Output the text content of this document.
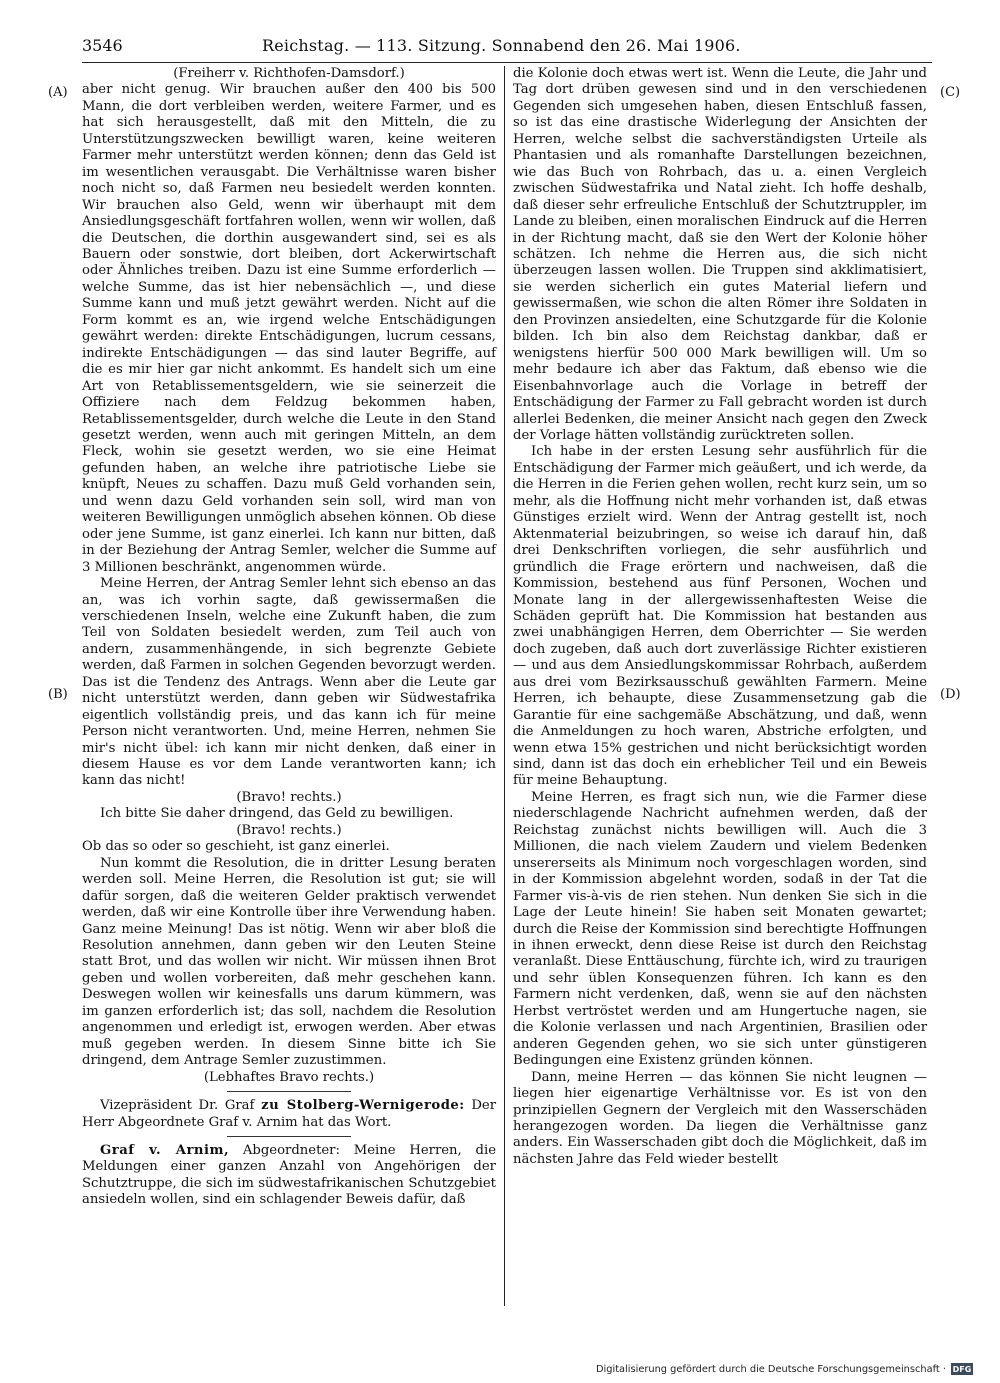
3546	Reichstag. — 113. Sitzung. Sonnabend den 26. Mai 1906.
(A)
(B)
(C)
(D)

(Freiherr v. Richthofen-Damsdorf.)

aber nicht genug. Wir brauchen außer den 400 bis 500 Mann, die dort verbleiben werden, weitere Farmer, und es hat sich herausgestellt, daß mit den Mitteln, die zu Unterstützungszwecken bewilligt waren, keine weiteren Farmer mehr unterstützt werden können; denn das Geld ist im wesentlichen verausgabt. Die Verhältnisse waren bisher noch nicht so, daß Farmen neu besiedelt werden konnten. Wir brauchen also Geld, wenn wir überhaupt mit dem Ansiedlungsgeschäft fortfahren wollen, wenn wir wollen, daß die Deutschen, die dorthin ausgewandert sind, sei es als Bauern oder sonstwie, dort bleiben, dort Ackerwirtschaft oder Ähnliches treiben. Dazu ist eine Summe erforderlich — welche Summe, das ist hier nebensächlich —, und diese Summe kann und muß jetzt gewährt werden. Nicht auf die Form kommt es an, wie irgend welche Entschädigungen gewährt werden: direkte Entschädigungen, lucrum cessans, indirekte Entschädigungen — das sind lauter Begriffe, auf die es mir hier gar nicht ankommt. Es handelt sich um eine Art von Retablissementsgeldern, wie sie seinerzeit die Offiziere nach dem Feldzug bekommen haben, Retablissementsgelder, durch welche die Leute in den Stand gesetzt werden, wenn auch mit geringen Mitteln, an dem Fleck, wohin sie gesetzt werden, wo sie eine Heimat gefunden haben, an welche ihre patriotische Liebe sie knüpft, Neues zu schaffen. Dazu muß Geld vorhanden sein, und wenn dazu Geld vorhanden sein soll, wird man von weiteren Bewilligungen unmöglich absehen können. Ob diese oder jene Summe, ist ganz einerlei. Ich kann nur bitten, daß in der Beziehung der Antrag Semler, welcher die Summe auf 3 Millionen beschränkt, angenommen würde.

Meine Herren, der Antrag Semler lehnt sich ebenso an das an, was ich vorhin sagte, daß gewissermaßen die verschiedenen Inseln, welche eine Zukunft haben, die zum Teil von Soldaten besiedelt werden, zum Teil auch von andern, zusammenhängende, in sich begrenzte Gebiete werden, daß Farmen in solchen Gegenden bevorzugt werden. Das ist die Tendenz des Antrags. Wenn aber die Leute gar nicht unterstützt werden, dann geben wir Südwestafrika eigentlich vollständig preis, und das kann ich für meine Person nicht verantworten. Und, meine Herren, nehmen Sie mir's nicht übel: ich kann mir nicht denken, daß einer in diesem Hause es vor dem Lande verantworten kann; ich kann das nicht!

(Bravo! rechts.)

Ich bitte Sie daher dringend, das Geld zu bewilligen.

(Bravo! rechts.)

Ob das so oder so geschieht, ist ganz einerlei.

Nun kommt die Resolution, die in dritter Lesung beraten werden soll. Meine Herren, die Resolution ist gut; sie will dafür sorgen, daß die weiteren Gelder praktisch verwendet werden, daß wir eine Kontrolle über ihre Verwendung haben. Ganz meine Meinung! Das ist nötig. Wenn wir aber bloß die Resolution annehmen, dann geben wir den Leuten Steine statt Brot, und das wollen wir nicht. Wir müssen ihnen Brot geben und wollen vorbereiten, daß mehr geschehen kann. Deswegen wollen wir keinesfalls uns darum kümmern, was im ganzen erforderlich ist; das soll, nachdem die Resolution angenommen und erledigt ist, erwogen werden. Aber etwas muß gegeben werden. In diesem Sinne bitte ich Sie dringend, dem Antrage Semler zuzustimmen.

(Lebhaftes Bravo rechts.)

Vizepräsident Dr. Graf zu Stolberg-Wernigerode: Der Herr Abgeordnete Graf v. Arnim hat das Wort.

Graf v. Arnim, Abgeordneter: Meine Herren, die Meldungen einer ganzen Anzahl von Angehörigen der Schutztruppe, die sich im südwestafrikanischen Schutzgebiet ansiedeln wollen, sind ein schlagender Beweis dafür, daß

die Kolonie doch etwas wert ist. Wenn die Leute, die Jahr und Tag dort drüben gewesen sind und in den verschiedenen Gegenden sich umgesehen haben, diesen Entschluß fassen, so ist das eine drastische Widerlegung der Ansichten der Herren, welche selbst die sachverständigsten Urteile als Phantasien und als romanhafte Darstellungen bezeichnen, wie das Buch von Rohrbach, das u. a. einen Vergleich zwischen Südwestafrika und Natal zieht. Ich hoffe deshalb, daß dieser sehr erfreuliche Entschluß der Schutztruppler, im Lande zu bleiben, einen moralischen Eindruck auf die Herren in der Richtung macht, daß sie den Wert der Kolonie höher schätzen. Ich nehme die Herren aus, die sich nicht überzeugen lassen wollen. Die Truppen sind akklimatisiert, sie werden sicherlich ein gutes Material liefern und gewissermaßen, wie schon die alten Römer ihre Soldaten in den Provinzen ansiedelten, eine Schutzgarde für die Kolonie bilden. Ich bin also dem Reichstag dankbar, daß er wenigstens hierfür 500 000 Mark bewilligen will. Um so mehr bedaure ich aber das Faktum, daß ebenso wie die Eisenbahnvorlage auch die Vorlage in betreff der Entschädigung der Farmer zu Fall gebracht worden ist durch allerlei Bedenken, die meiner Ansicht nach gegen den Zweck der Vorlage hätten vollständig zurücktreten sollen.

Ich habe in der ersten Lesung sehr ausführlich für die Entschädigung der Farmer mich geäußert, und ich werde, da die Herren in die Ferien gehen wollen, recht kurz sein, um so mehr, als die Hoffnung nicht mehr vorhanden ist, daß etwas Günstiges erzielt wird. Wenn der Antrag gestellt ist, noch Aktenmaterial beizubringen, so weise ich darauf hin, daß drei Denkschriften vorliegen, die sehr ausführlich und gründlich die Frage erörtern und nachweisen, daß die Kommission, bestehend aus fünf Personen, Wochen und Monate lang in der allergewissenhaftesten Weise die Schäden geprüft hat. Die Kommission hat bestanden aus zwei unabhängigen Herren, dem Oberrichter — Sie werden doch zugeben, daß auch dort zuverlässige Richter existieren — und aus dem Ansiedlungskommissar Rohrbach, außerdem aus drei vom Bezirksausschuß gewählten Farmern. Meine Herren, ich behaupte, diese Zusammensetzung gab die Garantie für eine sachgemäße Abschätzung, und daß, wenn die Anmeldungen zu hoch waren, Abstriche erfolgten, und wenn etwa 15% gestrichen und nicht berücksichtigt worden sind, dann ist das doch ein erheblicher Teil und ein Beweis für meine Behauptung.

Meine Herren, es fragt sich nun, wie die Farmer diese niederschlagende Nachricht aufnehmen werden, daß der Reichstag zunächst nichts bewilligen will. Auch die 3 Millionen, die nach vielem Zaudern und vielem Bedenken unsererseits als Minimum noch vorgeschlagen worden, sind in der Kommission abgelehnt worden, sodaß in der Tat die Farmer vis-à-vis de rien stehen. Nun denken Sie sich in die Lage der Leute hinein! Sie haben seit Monaten gewartet; durch die Reise der Kommission sind berechtigte Hoffnungen in ihnen erweckt, denn diese Reise ist durch den Reichstag veranlaßt. Diese Enttäuschung, fürchte ich, wird zu traurigen und sehr üblen Konsequenzen führen. Ich kann es den Farmern nicht verdenken, daß, wenn sie auf den nächsten Herbst vertröstet werden und am Hungertuche nagen, sie die Kolonie verlassen und nach Argentinien, Brasilien oder anderen Gegenden gehen, wo sie sich unter günstigeren Bedingungen eine Existenz gründen können.

Dann, meine Herren — das können Sie nicht leugnen — liegen hier eigenartige Verhältnisse vor. Es ist von den prinzipiellen Gegnern der Vergleich mit den Wasserschäden herangezogen worden. Da liegen die Verhältnisse ganz anders. Ein Wasserschaden gibt doch die Möglichkeit, daß im nächsten Jahre das Feld wieder bestellt

Digitalisierung gefördert durch die Deutsche Forschungsgemeinschaft · DFG
